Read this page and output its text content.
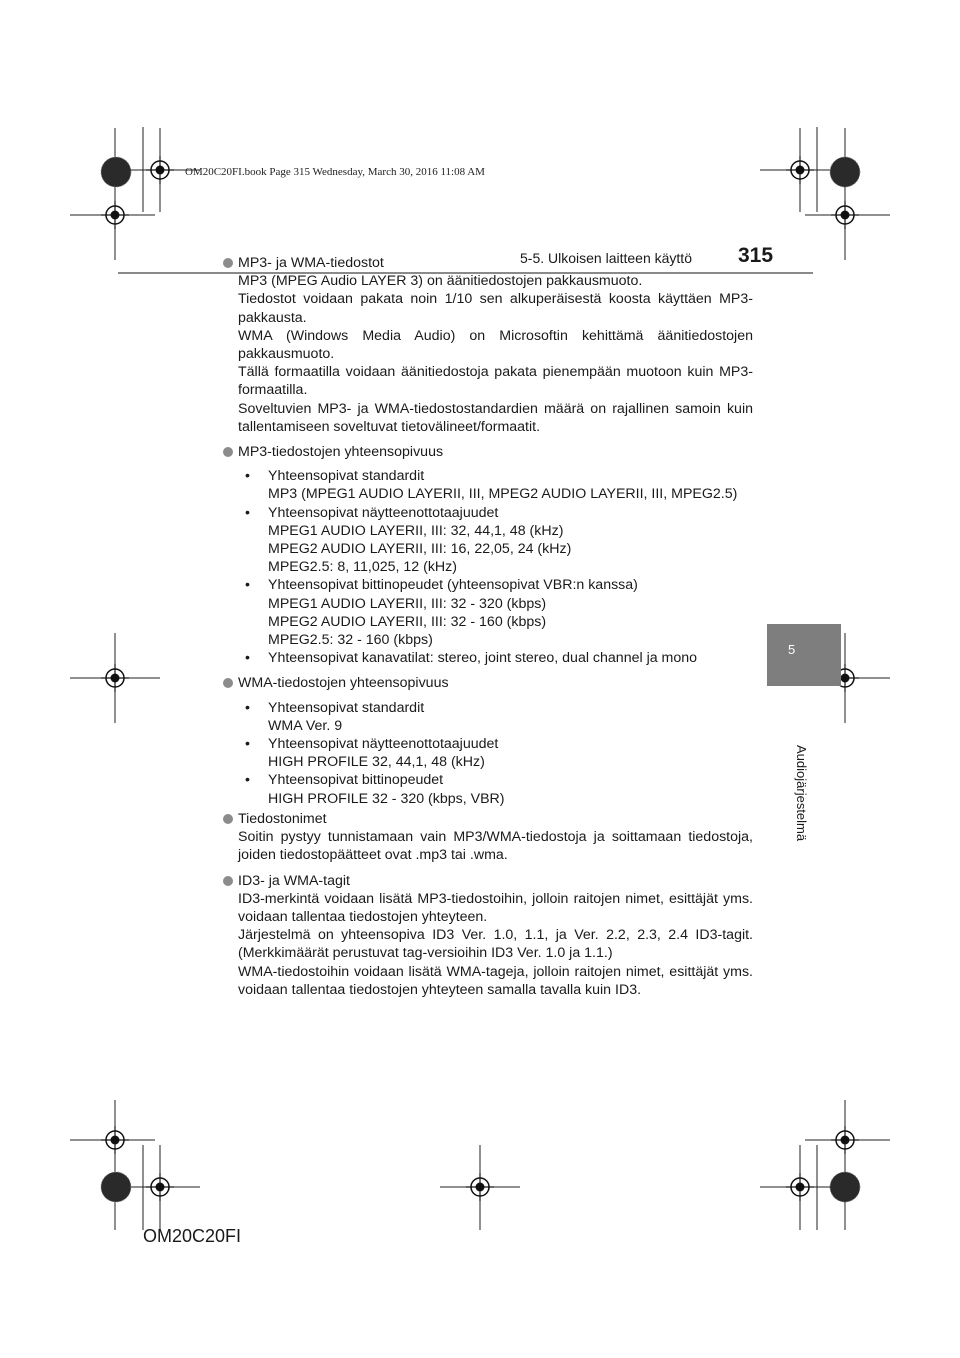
OM20C20FI.book Page 315 Wednesday, March 30, 2016 11:08 AM
5-5. Ulkoisen laitteen käyttö 315
5
Audiojärjestelmä
MP3- ja WMA-tiedostot
MP3 (MPEG Audio LAYER 3) on äänitiedostojen pakkausmuoto.
Tiedostot voidaan pakata noin 1/10 sen alkuperäisestä koosta käyttäen MP3-pakkausta.
WMA (Windows Media Audio) on Microsoftin kehittämä äänitiedostojen pakkausmuoto.
Tällä formaatilla voidaan äänitiedostoja pakata pienempään muotoon kuin MP3-formaatilla.
Soveltuvien MP3- ja WMA-tiedostostandardien määrä on rajallinen samoin kuin tallentamiseen soveltuvat tietovälineet/formaatit.
MP3-tiedostojen yhteensopivuus
• Yhteensopivat standardit
MP3 (MPEG1 AUDIO LAYERII, III, MPEG2 AUDIO LAYERII, III, MPEG2.5)
• Yhteensopivat näytteenottotaajuudet
MPEG1 AUDIO LAYERII, III: 32, 44,1, 48 (kHz)
MPEG2 AUDIO LAYERII, III: 16, 22,05, 24 (kHz)
MPEG2.5: 8, 11,025, 12 (kHz)
• Yhteensopivat bittinopeudet (yhteensopivat VBR:n kanssa)
MPEG1 AUDIO LAYERII, III: 32 - 320 (kbps)
MPEG2 AUDIO LAYERII, III: 32 - 160 (kbps)
MPEG2.5: 32 - 160 (kbps)
• Yhteensopivat kanavatilat: stereo, joint stereo, dual channel ja mono
WMA-tiedostojen yhteensopivuus
• Yhteensopivat standardit
WMA Ver. 9
• Yhteensopivat näytteenottotaajuudet
HIGH PROFILE 32, 44,1, 48 (kHz)
• Yhteensopivat bittinopeudet
HIGH PROFILE 32 - 320 (kbps, VBR)
Tiedostonimet
Soitin pystyy tunnistamaan vain MP3/WMA-tiedostoja ja soittamaan tiedostoja, joiden tiedostopäätteet ovat .mp3 tai .wma.
ID3- ja WMA-tagit
ID3-merkintä voidaan lisätä MP3-tiedostoihin, jolloin raitojen nimet, esittäjät yms. voidaan tallentaa tiedostojen yhteyteen.
Järjestelmä on yhteensopiva ID3 Ver. 1.0, 1.1, ja Ver. 2.2, 2.3, 2.4 ID3-tagit. (Merkkimäärät perustuvat tag-versioihin ID3 Ver. 1.0 ja 1.1.)
WMA-tiedostoihin voidaan lisätä WMA-tageja, jolloin raitojen nimet, esittäjät yms. voidaan tallentaa tiedostojen yhteyteen samalla tavalla kuin ID3.
OM20C20FI
